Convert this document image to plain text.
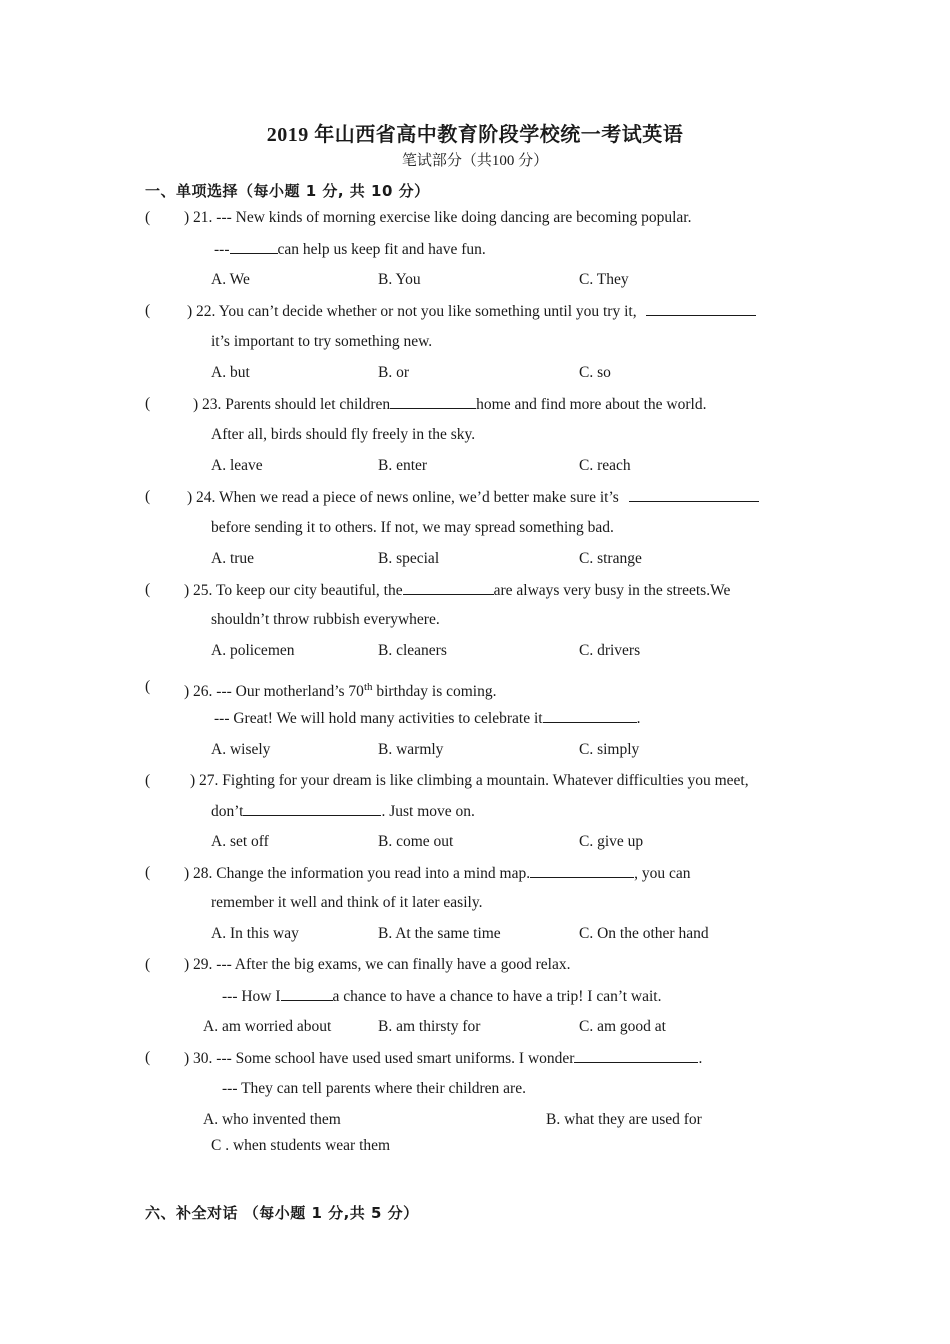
2019 年山西省高中教育阶段学校统一考试英语
笔试部分（共100 分）
一、单项选择（每小题 1 分, 共 10 分）
( ) 21. --- New kinds of morning exercise like doing dancing are becoming popular.
---	can help us keep fit and have fun.
A. We	B. You	C. They
( ) 22. You can’t decide whether or not you like something until you try it,
it’s important to try something new.
A. but	B. or	C. so
(	) 23. Parents should let children	home and find more about the world.
After all, birds should fly freely in the sky.
A. leave	B. enter	C. reach
( ) 24. When we read a piece of news online, we’d better make sure it’s
before sending it to others. If not, we may spread something bad.
A. true	B. special	C. strange
( ) 25. To keep our city beautiful, the	are always very busy in the streets.We
shouldn’t throw rubbish everywhere.
A. policemen	B. cleaners	C. drivers
( ) 26. --- Our motherland’s 70th birthday is coming.
--- Great! We will hold many activities to celebrate it	.
A. wisely	B. warmly	C. simply
(	) 27. Fighting for your dream is like climbing a mountain. Whatever difficulties you meet,
don’t	. Just move on.
A. set off	B. come out	C. give up
( ) 28. Change the information you read into a mind map.	, you can
remember it well and think of it later easily.
A. In this way	B. At the same time	C. On the other hand
( ) 29. --- After the big exams, we can finally have a good relax.
--- How I	a chance to have a chance to have a trip! I can’t wait.
A. am worried about	B. am thirsty for	C. am good at
( ) 30. --- Some school have used used smart uniforms. I wonder	.
--- They can tell parents where their children are.
A. who invented them	B. what they are used for
C . when students wear them
六、补全对话 （每小题 1 分,共 5 分）
